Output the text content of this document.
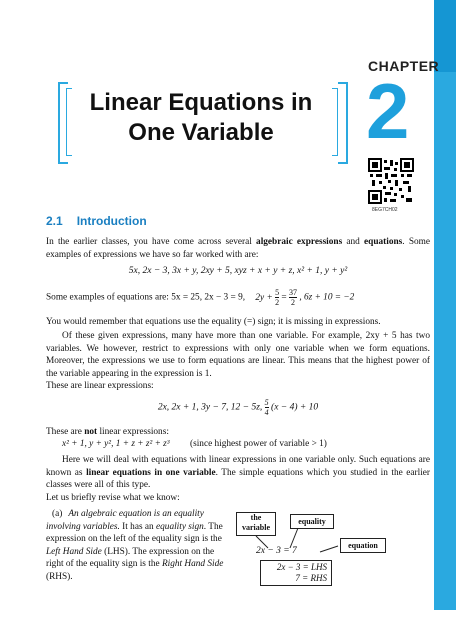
CHAPTER
2
Linear Equations in
One Variable
8EG7CH02
2.1 Introduction
In the earlier classes, you have come across several algebraic expressions and equations. Some examples of expressions we have so far worked with are:
5x, 2x − 3, 3x + y, 2xy + 5, xyz + x + y + z, x² + 1, y + y²
Some examples of equations are: 5x = 25, 2x − 3 = 9, $2y + \frac{5}{2} = \frac{37}{2}$ , 6z + 10 = −2
You would remember that equations use the equality (=) sign; it is missing in expressions.
Of these given expressions, many have more than one variable. For example, 2xy + 5 has two variables. We however, restrict to expressions with only one variable when we form equations. Moreover, the expressions we use to form equations are linear. This means that the highest power of the variable appearing in the expression is 1.
These are linear expressions:
2x, 2x + 1, 3y − 7, 12 − 5z, $\frac{5}{4} (x - 4) + 10$
These are not linear expressions:
x² + 1, y + y², 1 + z + z² + z³ (since highest power of variable > 1)
Here we will deal with equations with linear expressions in one variable only. Such equations are known as linear equations in one variable. The simple equations which you studied in the earlier classes were all of this type.
Let us briefly revise what we know:
(a) An algebraic equation is an equality involving variables. It has an equality sign. The expression on the left of the equality sign is the Left Hand Side (LHS). The expression on the right of the equality sign is the Right Hand Side (RHS).
the
variable
equality
equation
2x − 3 = 7
2x − 3 = LHS
7 = RHS
